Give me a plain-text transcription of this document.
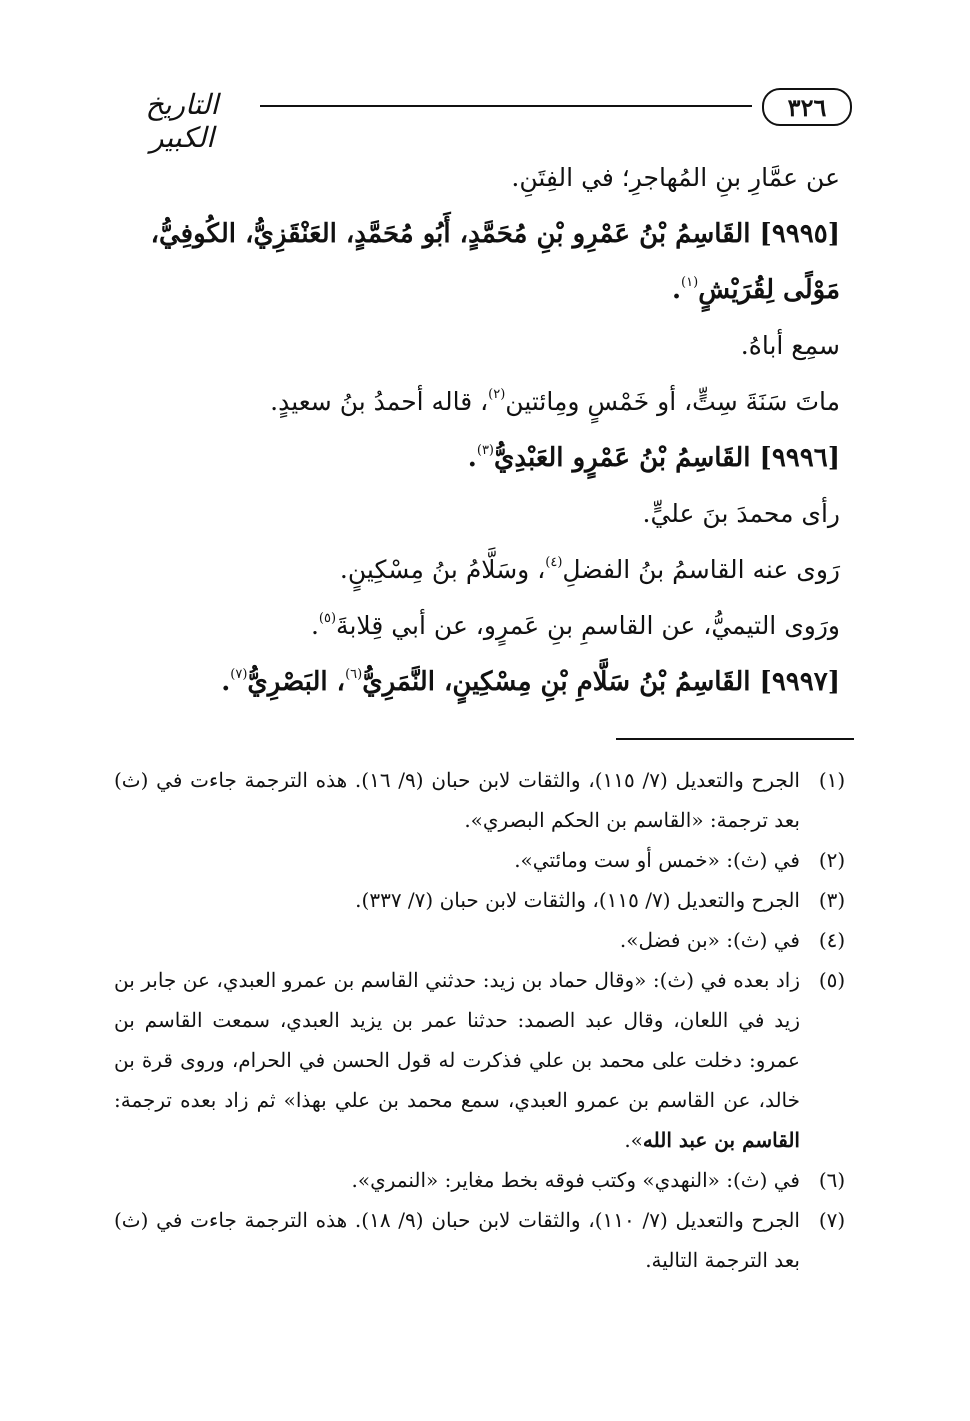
٣٢٦
التاريخ الكبير
عن عمَّارِ بنِ المُهاجرِ؛ في الفِتَنِ.
[٩٩٩٥] القَاسِمُ بْنُ عَمْرِو بْنِ مُحَمَّدٍ، أَبُو مُحَمَّدٍ، العَنْقَزِيُّ، الكُوفِيُّ،
مَوْلًى لِقُرَيْشٍ$^{(١)}$.
سمِع أباهُ.
ماتَ سَنَةَ سِتٍّ، أو خَمْسٍ ومِائتين$^{(٢)}$، قاله أحمدُ بنُ سعيدٍ.
[٩٩٩٦] القَاسِمُ بْنُ عَمْرٍو العَبْدِيُّ$^{(٣)}$.
رأى محمدَ بنَ عليٍّ.
رَوى عنه القاسمُ بنُ الفضلِ$^{(٤)}$، وسَلَّامُ بنُ مِسْكِينٍ.
ورَوى التيميُّ، عن القاسمِ بنِ عَمرٍو، عن أبي قِلابةَ$^{(٥)}$.
[٩٩٩٧] القَاسِمُ بْنُ سَلَّامِ بْنِ مِسْكِينٍ، النَّمَرِيُّ$^{(٦)}$، البَصْرِيُّ$^{(٧)}$.
(١)
الجرح والتعديل (٧/ ١١٥)، والثقات لابن حبان (٩/ ١٦). هذه الترجمة جاءت في (ث) بعد ترجمة: «القاسم بن الحكم البصري».
(٢)
في (ث): «خمس أو ست ومائتي».
(٣)
الجرح والتعديل (٧/ ١١٥)، والثقات لابن حبان (٧/ ٣٣٧).
(٤)
في (ث): «بن فضل».
(٥)
زاد بعده في (ث): «وقال حماد بن زيد: حدثني القاسم بن عمرو العبدي، عن جابر بن زيد في اللعان، وقال عبد الصمد: حدثنا عمر بن يزيد العبدي، سمعت القاسم بن عمرو: دخلت على محمد بن علي فذكرت له قول الحسن في الحرام، وروى قرة بن خالد، عن القاسم بن عمرو العبدي، سمع محمد بن علي بهذا» ثم زاد بعده ترجمة: القاسم بن عبد الله».
(٦)
في (ث): «النهدي» وكتب فوقه بخط مغاير: «النمري».
(٧)
الجرح والتعديل (٧/ ١١٠)، والثقات لابن حبان (٩/ ١٨). هذه الترجمة جاءت في (ث) بعد الترجمة التالية.
